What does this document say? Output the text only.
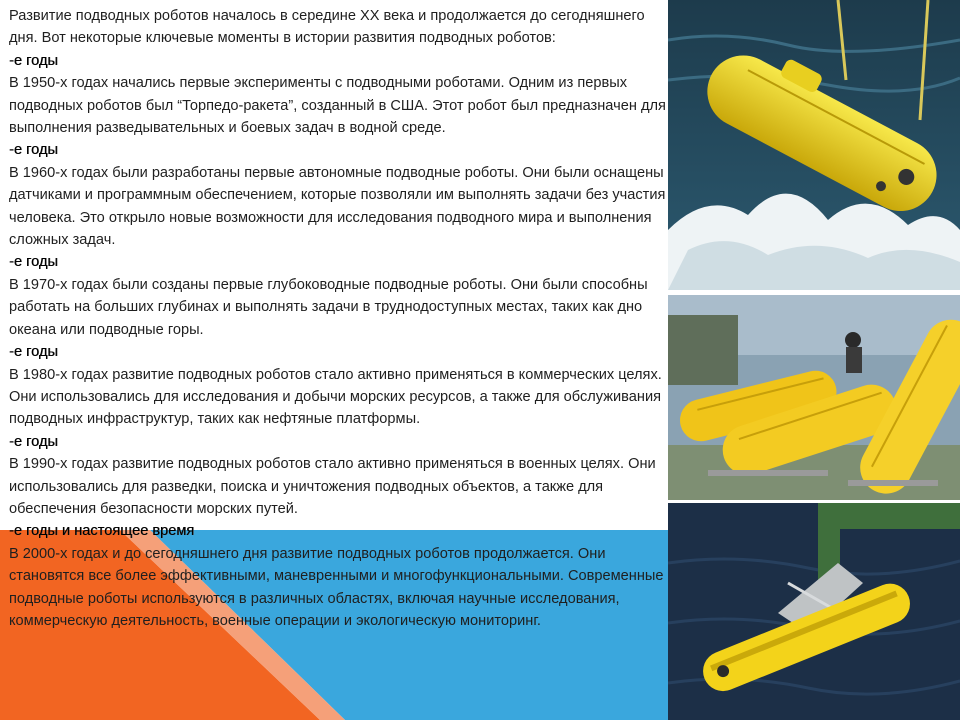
Развитие подводных роботов началось в середине XX века и продолжается до сегодняшнего дня. Вот некоторые ключевые моменты в истории развития подводных роботов:

-е годы

В 1950-х годах начались первые эксперименты с подводными роботами. Одним из первых подводных роботов был “Торпедо-ракета”, созданный в США. Этот робот был предназначен для выполнения разведывательных и боевых задач в водной среде.

-е годы

В 1960-х годах были разработаны первые автономные подводные роботы. Они были оснащены датчиками и программным обеспечением, которые позволяли им выполнять задачи без участия человека. Это открыло новые возможности для исследования подводного мира и выполнения сложных задач.

-е годы

В 1970-х годах были созданы первые глубоководные подводные роботы. Они были способны работать на больших глубинах и выполнять задачи в труднодоступных местах, таких как дно океана или подводные горы.

-е годы

В 1980-х годах развитие подводных роботов стало активно применяться в коммерческих целях. Они использовались для исследования и добычи морских ресурсов, а также для обслуживания подводных инфраструктур, таких как нефтяные платформы.

-е годы

В 1990-х годах развитие подводных роботов стало активно применяться в военных целях. Они использовались для разведки, поиска и уничтожения подводных объектов, а также для обеспечения безопасности морских путей.

-е годы и настоящее время

В 2000-х годах и до сегодняшнего дня развитие подводных роботов продолжается. Они становятся все более эффективными, маневренными и многофункциональными. Современные подводные роботы используются в различных областях, включая научные исследования, коммерческую деятельность, военные операции и экологическую мониторинг.
